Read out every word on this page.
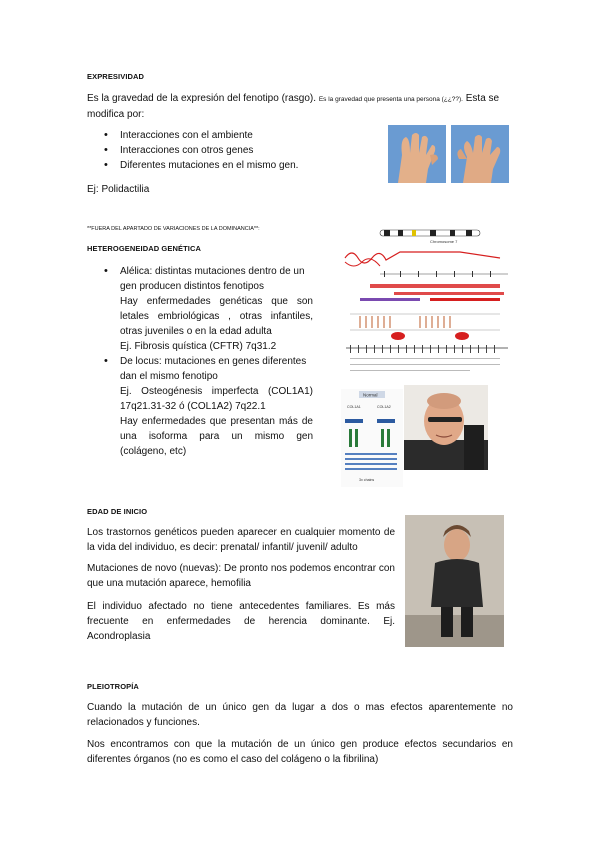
EXPRESIVIDAD
Es la gravedad de la expresión del fenotipo (rasgo). Es la gravedad que presenta una persona (¿¿??). Esta se modifica por:
• Interacciones con el ambiente
• Interacciones con otros genes
• Diferentes mutaciones en el mismo gen.
Ej: Polidactilia
**FUERA DEL APARTADO DE VARIACIONES DE LA DOMINANCIA**:
HETEROGENEIDAD GENÉTICA
• Alélica: distintas mutaciones dentro de un
gen producen distintos fenotipos
Hay enfermedades genéticas que son letales embriológicas , otras infantiles, otras juveniles o en la edad adulta
Ej. Fibrosis quística (CFTR) 7q31.2
• De locus: mutaciones en genes diferentes dan el mismo fenotipo
Ej. Osteogénesis imperfecta (COL1A1) 17q21.31-32 ó (COL1A2) 7q22.1
Hay enfermedades que presentan más de una isoforma para un mismo gen (colágeno, etc)
Chromosome 7
Normal
COL1A1	COL1A2
3x chains
EDAD DE INICIO
Los trastornos genéticos pueden aparecer en cualquier momento de la vida del individuo, es decir: prenatal/ infantil/ juvenil/ adulto
Mutaciones de novo (nuevas): De pronto nos podemos encontrar con que una mutación aparece, hemofilia
El individuo afectado no tiene antecedentes familiares. Es más frecuente en enfermedades de herencia dominante. Ej. Acondroplasia
PLEIOTROPÍA
Cuando la mutación de un único gen da lugar a dos o mas efectos aparentemente no relacionados y funciones.
Nos encontramos con que la mutación de un único gen produce efectos secundarios en diferentes órganos (no es como el caso del colágeno o la fibrilina)
